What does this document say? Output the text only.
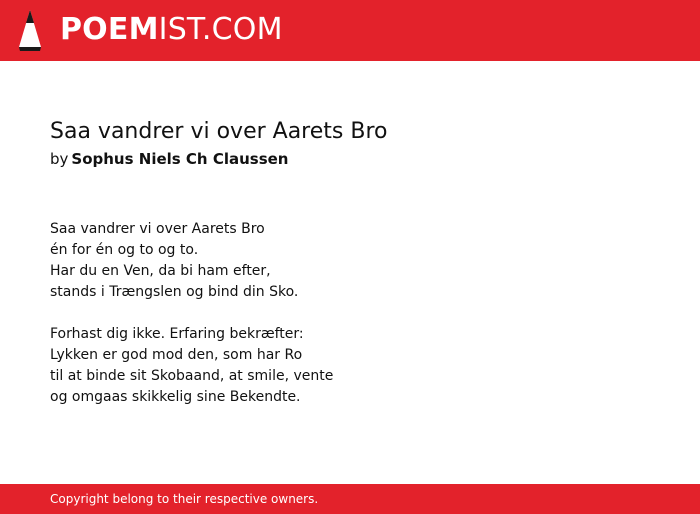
POEMIST.COM
Saa vandrer vi over Aarets Bro
by Sophus Niels Ch Claussen
Saa vandrer vi over Aarets Bro
én for én og to og to.
Har du en Ven, da bi ham efter,
stands i Trængslen og bind din Sko.
Forhast dig ikke. Erfaring bekræfter:
Lykken er god mod den, som har Ro
til at binde sit Skobaand, at smile, vente
og omgaas skikkelig sine Bekendte.
Copyright belong to their respective owners.
